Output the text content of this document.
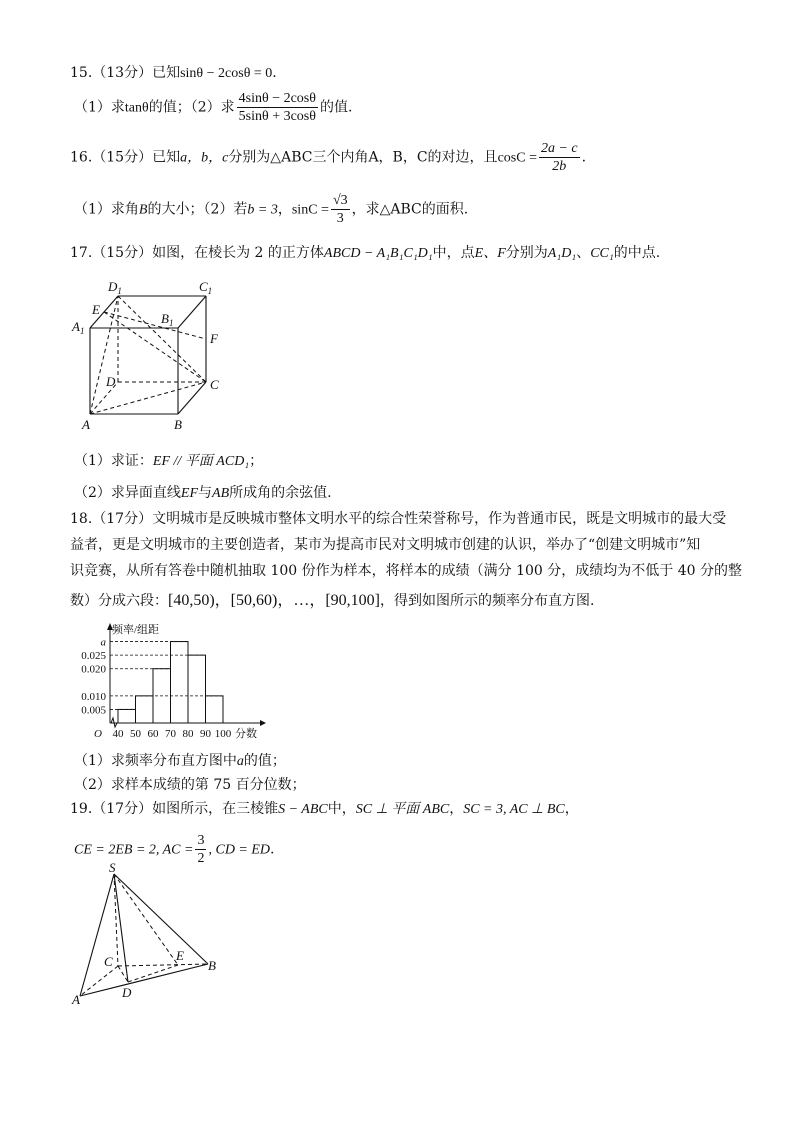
15.（13分）已知sinθ − 2cosθ = 0.
（1）求tanθ的值；（2）求 $\frac{4\sin\theta - 2\cos\theta}{5\sin\theta + 3\cos\theta}$ 的值.
16.（15分）已知a，b，c分别为△ABC三个内角A，B，C的对边，且$\cos C = \frac{2a - c}{2b}$ .
（1）求角B的大小；（2）若b = 3，$\sin C = \frac{√3}{3}$ ，求△ABC的面积.
17.（15分）如图，在棱长为 2 的正方体ABCD − A₁B₁C₁D₁中，点E、F分别为A₁D₁、CC₁的中点.
$D_1$	$C_1$
E
$B_1$
$A_1$	F
D	C
A	B
（1）求证：EF // 平面 ACD₁；
（2）求异面直线EF与AB所成角的余弦值.
18.（17分）文明城市是反映城市整体文明水平的综合性荣誉称号，作为普通市民，既是文明城市的最大受
益者，更是文明城市的主要创造者，某市为提高市民对文明城市创建的认识，举办了“创建文明城市”知
识竞赛，从所有答卷中随机抽取 100 份作为样本，将样本的成绩（满分 100 分，成绩均为不低于 40 分的整
数）分成六段：[40,50)，[50,60)，…，[90,100]，得到如图所示的频率分布直方图.
0.005
0.010
0.020
0.025
a
40 50 60 70 80 90 100 分数
频率/组距
O
（1）求频率分布直方图中a的值；
（2）求样本成绩的第 75 百分位数；
19.（17分）如图所示，在三棱锥S − ABC中，SC ⊥ 平面 ABC，SC = 3, AC ⊥ BC，
CE = 2EB = 2, AC = $\frac{3}{2}$ , CD = ED.
S
C	E
B
D
A
